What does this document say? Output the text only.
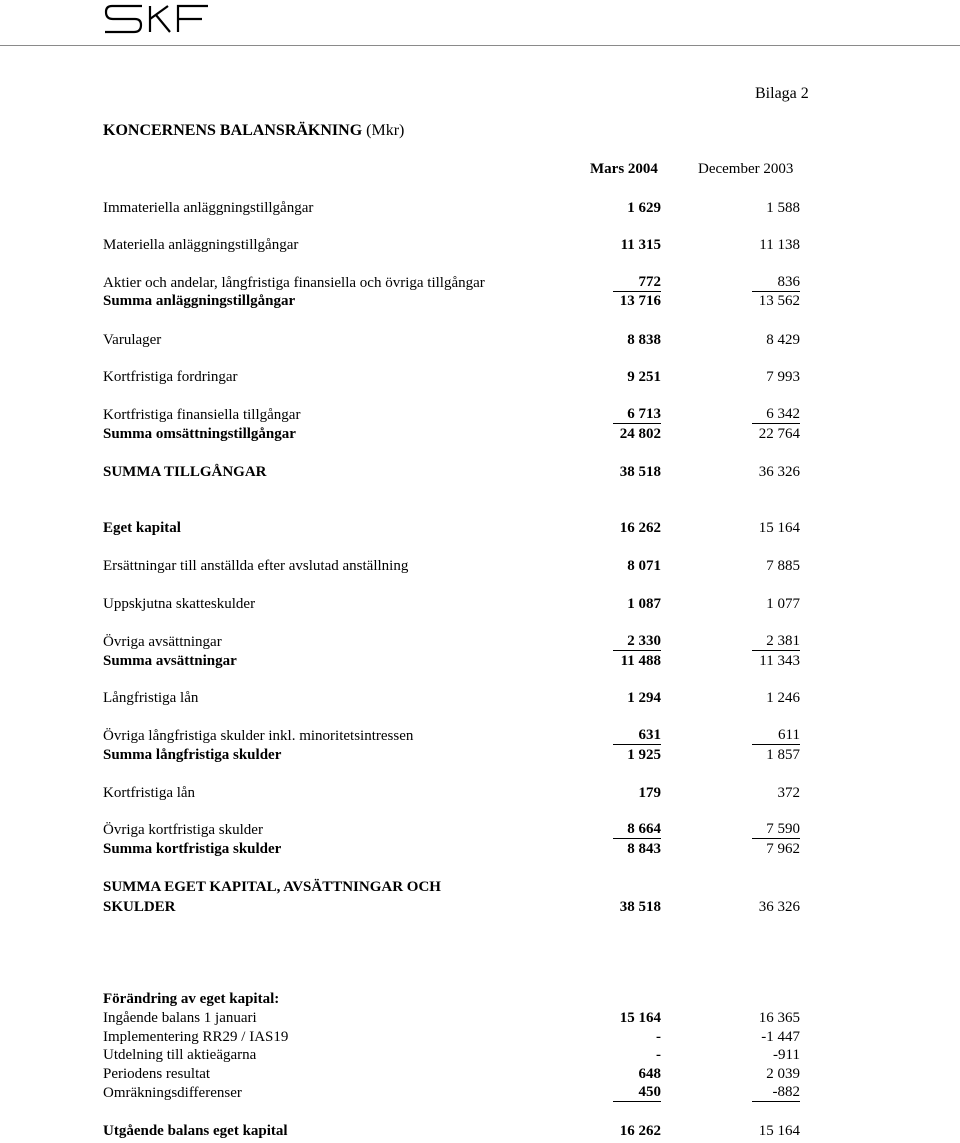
SKF
Bilaga 2
KONCERNENS BALANSRÄKNING (Mkr)
Mars 2004	December 2003
Immateriella anläggningstillgångar	1 629	1 588
Materiella anläggningstillgångar	11 315	11 138
Aktier och andelar, långfristiga finansiella och övriga tillgångar	772	836
Summa anläggningstillgångar	13 716	13 562
Varulager	8 838	8 429
Kortfristiga fordringar	9 251	7 993
Kortfristiga finansiella tillgångar	6 713	6 342
Summa omsättningstillgångar	24 802	22 764
SUMMA TILLGÅNGAR	38 518	36 326
Eget kapital	16 262	15 164
Ersättningar till anställda efter avslutad anställning	8 071	7 885
Uppskjutna skatteskulder	1 087	1 077
Övriga avsättningar	2 330	2 381
Summa avsättningar	11 488	11 343
Långfristiga lån	1 294	1 246
Övriga långfristiga skulder inkl. minoritetsintressen	631	611
Summa långfristiga skulder	1 925	1 857
Kortfristiga lån	179	372
Övriga kortfristiga skulder	8 664	7 590
Summa kortfristiga skulder	8 843	7 962
SUMMA EGET KAPITAL, AVSÄTTNINGAR OCH
SKULDER	38 518	36 326
Förändring av eget kapital:
Ingående balans 1 januari	15 164	16 365
Implementering RR29 / IAS19	-	-1 447
Utdelning till aktieägarna	-	-911
Periodens resultat	648	2 039
Omräkningsdifferenser	450	-882
Utgående balans eget kapital	16 262	15 164
